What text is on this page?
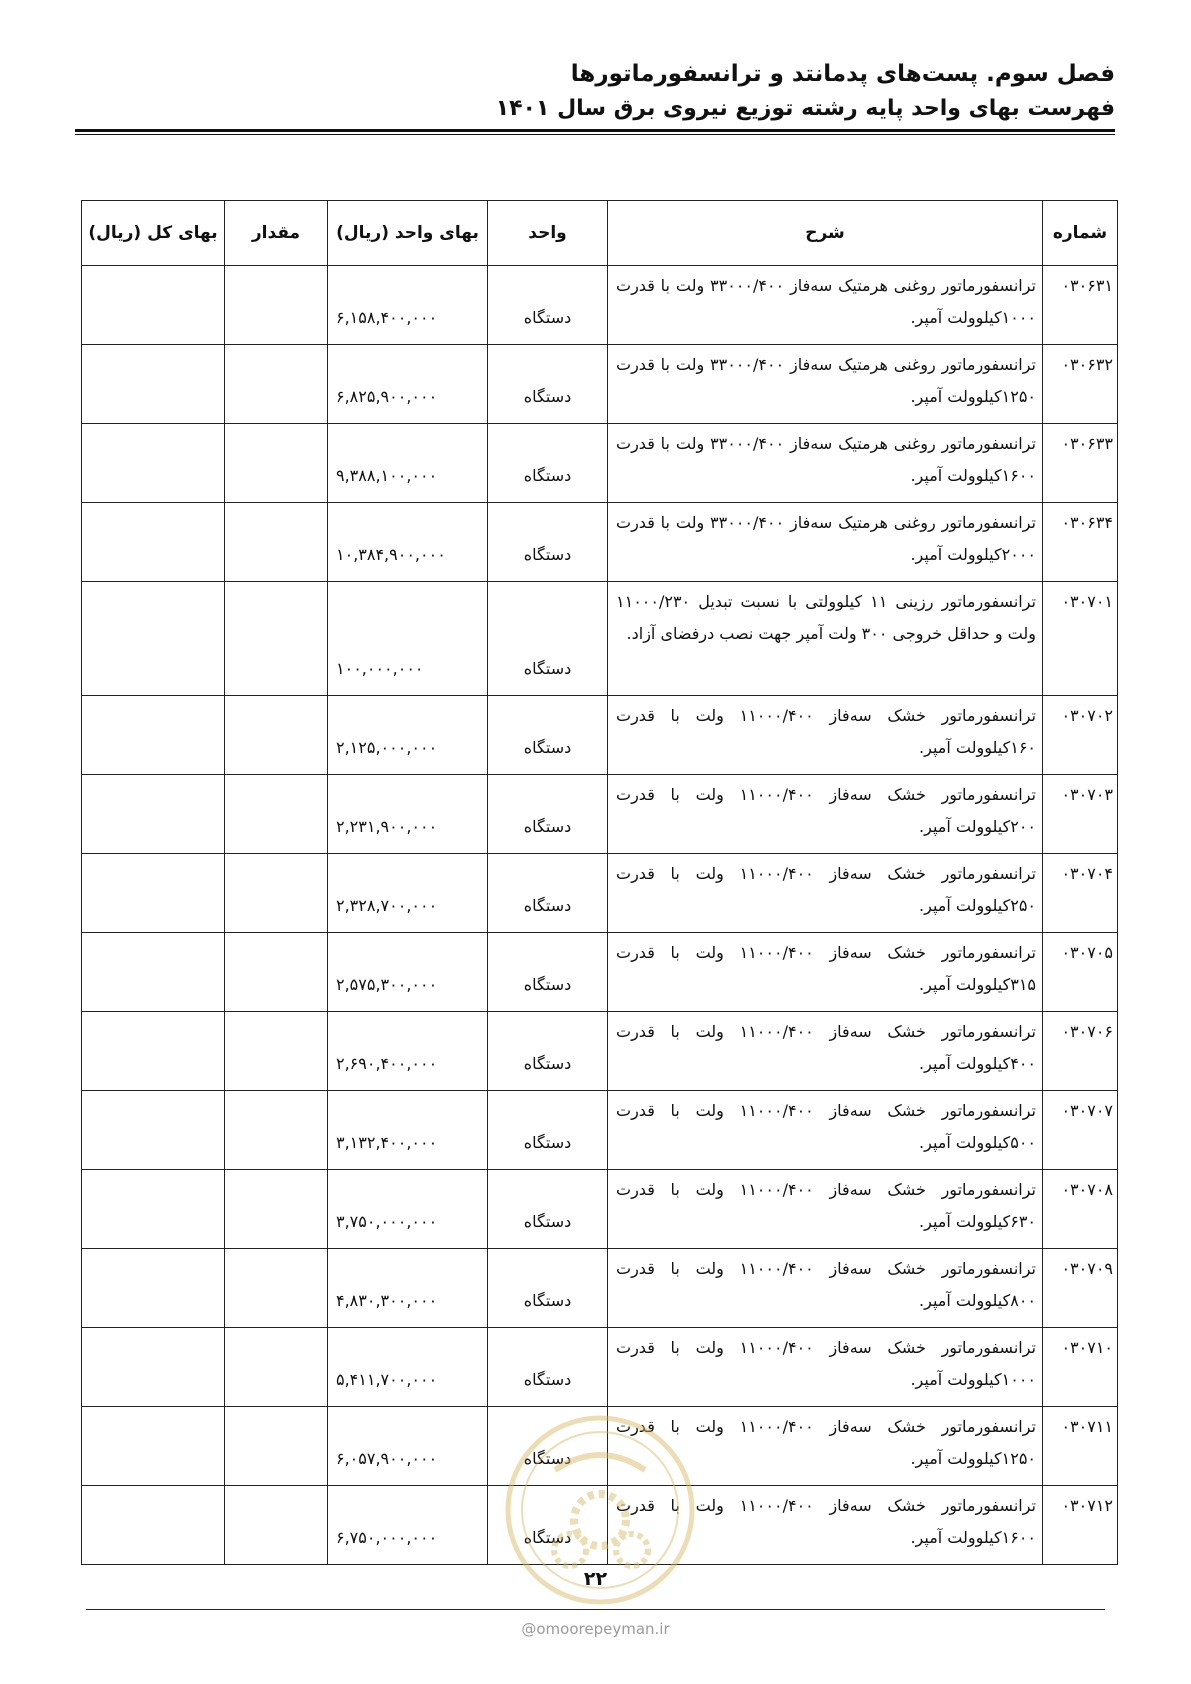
فصل سوم. پست‌های پدمانتد و ترانسفورماتورها
فهرست بهای واحد پایه رشته توزیع نیروی برق سال ۱۴۰۱
شماره	شرح	واحد	بهای واحد (ریال)	مقدار	بهای کل (ریال)
۰۳۰۶۳۱	ترانسفورماتور روغنی هرمتیک سه‌فاز ۳۳۰۰۰/۴۰۰ ولت با قدرت ۱۰۰۰کیلوولت آمپر.	دستگاه	۶,۱۵۸,۴۰۰,۰۰۰		
۰۳۰۶۳۲	ترانسفورماتور روغنی هرمتیک سه‌فاز ۳۳۰۰۰/۴۰۰ ولت با قدرت ۱۲۵۰کیلوولت آمپر.	دستگاه	۶,۸۲۵,۹۰۰,۰۰۰		
۰۳۰۶۳۳	ترانسفورماتور روغنی هرمتیک سه‌فاز ۳۳۰۰۰/۴۰۰ ولت با قدرت ۱۶۰۰کیلوولت آمپر.	دستگاه	۹,۳۸۸,۱۰۰,۰۰۰		
۰۳۰۶۳۴	ترانسفورماتور روغنی هرمتیک سه‌فاز ۳۳۰۰۰/۴۰۰ ولت با قدرت ۲۰۰۰کیلوولت آمپر.	دستگاه	۱۰,۳۸۴,۹۰۰,۰۰۰		
۰۳۰۷۰۱	ترانسفورماتور رزینی ۱۱ کیلوولتی با نسبت تبدیل ۱۱۰۰۰/۲۳۰ ولت و حداقل خروجی ۳۰۰ ولت آمپر جهت نصب درفضای آزاد.	دستگاه	۱۰۰,۰۰۰,۰۰۰		
۰۳۰۷۰۲	ترانسفورماتور خشک سه‌فاز ۱۱۰۰۰/۴۰۰ ولت با قدرت ۱۶۰کیلوولت آمپر.	دستگاه	۲,۱۲۵,۰۰۰,۰۰۰		
۰۳۰۷۰۳	ترانسفورماتور خشک سه‌فاز ۱۱۰۰۰/۴۰۰ ولت با قدرت ۲۰۰کیلوولت آمپر.	دستگاه	۲,۲۳۱,۹۰۰,۰۰۰		
۰۳۰۷۰۴	ترانسفورماتور خشک سه‌فاز ۱۱۰۰۰/۴۰۰ ولت با قدرت ۲۵۰کیلوولت آمپر.	دستگاه	۲,۳۲۸,۷۰۰,۰۰۰		
۰۳۰۷۰۵	ترانسفورماتور خشک سه‌فاز ۱۱۰۰۰/۴۰۰ ولت با قدرت ۳۱۵کیلوولت آمپر.	دستگاه	۲,۵۷۵,۳۰۰,۰۰۰		
۰۳۰۷۰۶	ترانسفورماتور خشک سه‌فاز ۱۱۰۰۰/۴۰۰ ولت با قدرت ۴۰۰کیلوولت آمپر.	دستگاه	۲,۶۹۰,۴۰۰,۰۰۰		
۰۳۰۷۰۷	ترانسفورماتور خشک سه‌فاز ۱۱۰۰۰/۴۰۰ ولت با قدرت ۵۰۰کیلوولت آمپر.	دستگاه	۳,۱۳۲,۴۰۰,۰۰۰		
۰۳۰۷۰۸	ترانسفورماتور خشک سه‌فاز ۱۱۰۰۰/۴۰۰ ولت با قدرت ۶۳۰کیلوولت آمپر.	دستگاه	۳,۷۵۰,۰۰۰,۰۰۰		
۰۳۰۷۰۹	ترانسفورماتور خشک سه‌فاز ۱۱۰۰۰/۴۰۰ ولت با قدرت ۸۰۰کیلوولت آمپر.	دستگاه	۴,۸۳۰,۳۰۰,۰۰۰		
۰۳۰۷۱۰	ترانسفورماتور خشک سه‌فاز ۱۱۰۰۰/۴۰۰ ولت با قدرت ۱۰۰۰کیلوولت آمپر.	دستگاه	۵,۴۱۱,۷۰۰,۰۰۰		
۰۳۰۷۱۱	ترانسفورماتور خشک سه‌فاز ۱۱۰۰۰/۴۰۰ ولت با قدرت ۱۲۵۰کیلوولت آمپر.	دستگاه	۶,۰۵۷,۹۰۰,۰۰۰		
۰۳۰۷۱۲	ترانسفورماتور خشک سه‌فاز ۱۱۰۰۰/۴۰۰ ولت با قدرت ۱۶۰۰کیلوولت آمپر.	دستگاه	۶,۷۵۰,۰۰۰,۰۰۰		
۲۲
@omoorepeyman.ir
